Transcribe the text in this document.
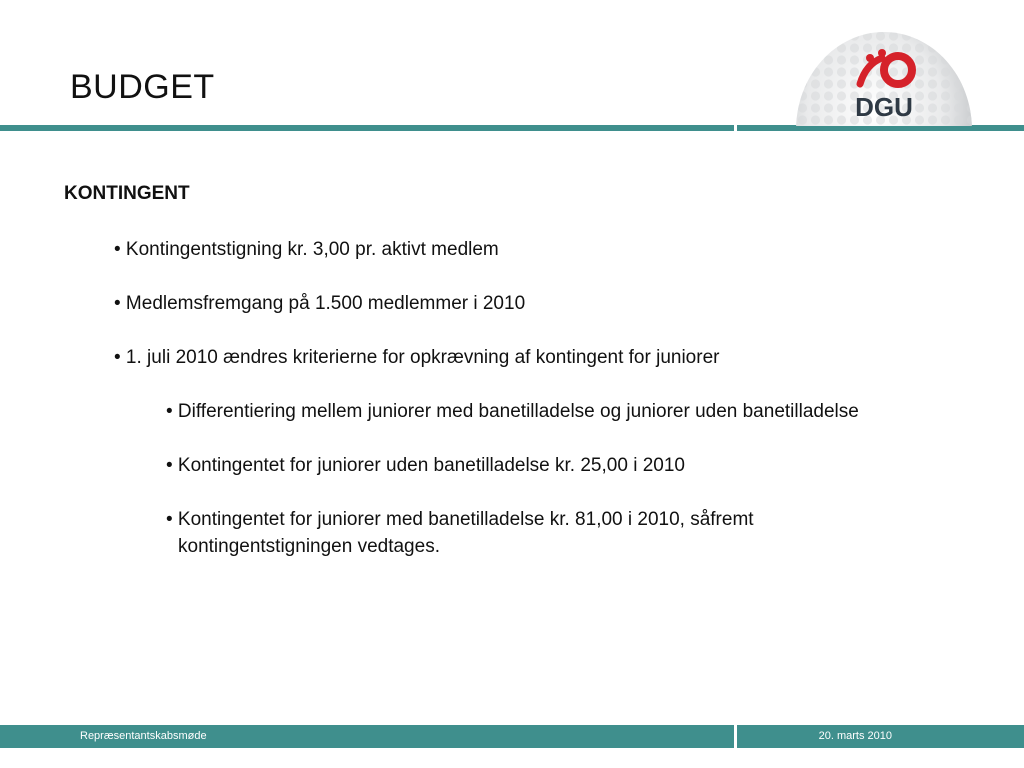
BUDGET
DGU
KONTINGENT
• Kontingentstigning kr. 3,00 pr. aktivt medlem
• Medlemsfremgang på 1.500 medlemmer i 2010
• 1. juli 2010 ændres kriterierne for opkrævning af kontingent for juniorer
• Differentiering mellem juniorer med banetilladelse og juniorer uden banetilladelse
• Kontingentet for juniorer uden banetilladelse kr. 25,00 i 2010
• Kontingentet for juniorer med banetilladelse kr. 81,00 i 2010, såfremt kontingentstigningen vedtages.
Repræsentantskabsmøde	20. marts 2010
